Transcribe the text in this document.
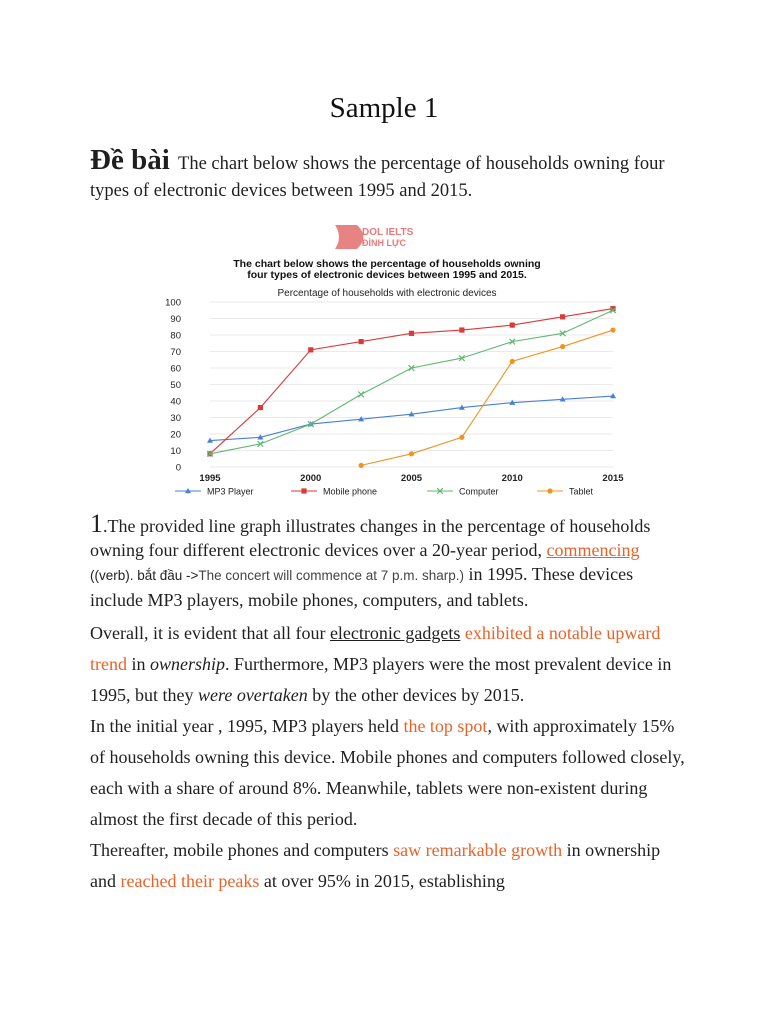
Sample 1
Đề bài The chart below shows the percentage of households owning four types of electronic devices between 1995 and 2015.
DOL IELTS
ĐÌNH LỰC
The chart below shows the percentage of households owning
four types of electronic devices between 1995 and 2015.
Percentage of households with electronic devices
0
10
20
30
40
50
60
70
80
90
100
1995	2000	2005	2010	2015
MP3 Player	Mobile phone	Computer	Tablet

1.The provided line graph illustrates changes in the percentage of households owning four different electronic devices over a 20-year period, commencing
((verb). bắt đầu ->The concert will commence at 7 p.m. sharp.) in 1995. These devices include MP3 players, mobile phones, computers, and tablets.

Overall, it is evident that all four electronic gadgets exhibited a notable upward trend in ownership. Furthermore, MP3 players were the most prevalent device in 1995, but they were overtaken by the other devices by 2015.

In the initial year , 1995, MP3 players held the top spot, with approximately 15% of households owning this device. Mobile phones and computers followed closely, each with a share of around 8%. Meanwhile, tablets were non-existent during almost the first decade of this period.

Thereafter, mobile phones and computers saw remarkable growth in ownership and reached their peaks at over 95% in 2015, establishing
